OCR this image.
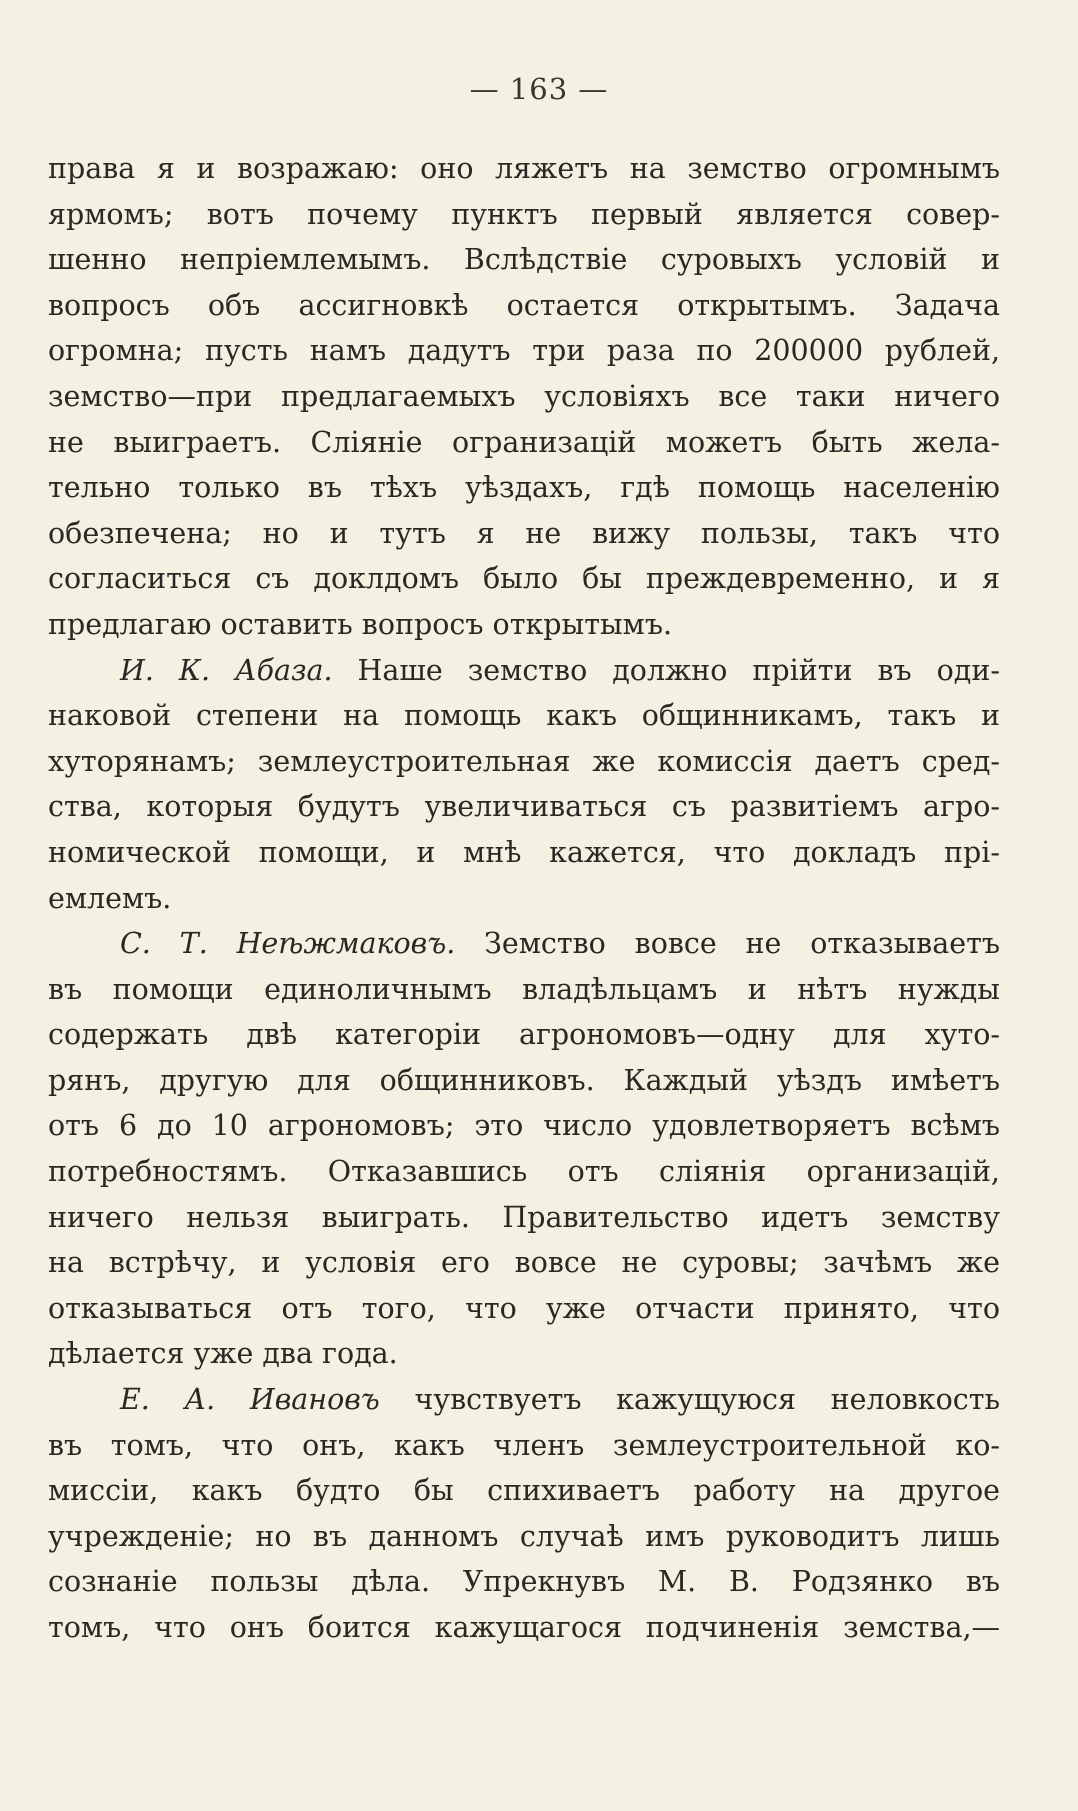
— 163 —
права я и возражаю: оно ляжетъ на земство огромнымъ
ярмомъ; вотъ почему пунктъ первый является совер-
шенно непріемлемымъ. Вслѣдствіе суровыхъ условій и
вопросъ объ ассигновкѣ остается открытымъ. Задача
огромна; пусть намъ дадутъ три раза по 200000 рублей,
земство—при предлагаемыхъ условіяхъ все таки ничего
не выиграетъ. Сліяніе огранизацій можетъ быть жела-
тельно только въ тѣхъ уѣздахъ, гдѣ помощь населенію
обезпечена; но и тутъ я не вижу пользы, такъ что
согласиться съ доклдомъ было бы преждевременно, и я
предлагаю оставить вопросъ открытымъ.
И. К. Абаза. Наше земство должно прійти въ оди-
наковой степени на помощь какъ общинникамъ, такъ и
хуторянамъ; землеустроительная же комиссія даетъ сред-
ства, которыя будутъ увеличиваться съ развитіемъ агро-
номической помощи, и мнѣ кажется, что докладъ прі-
емлемъ.
С. Т. Неѣжмаковъ. Земство вовсе не отказываетъ
въ помощи единоличнымъ владѣльцамъ и нѣтъ нужды
содержать двѣ категоріи агрономовъ—одну для хуто-
рянъ, другую для общинниковъ. Каждый уѣздъ имѣетъ
отъ 6 до 10 агрономовъ; это число удовлетворяетъ всѣмъ
потребностямъ. Отказавшись отъ сліянія организацій,
ничего нельзя выиграть. Правительство идетъ земству
на встрѣчу, и условія его вовсе не суровы; зачѣмъ же
отказываться отъ того, что уже отчасти принято, что
дѣлается уже два года.
Е. А. Ивановъ чувствуетъ кажущуюся неловкость
въ томъ, что онъ, какъ членъ землеустроительной ко-
миссіи, какъ будто бы спихиваетъ работу на другое
учрежденіе; но въ данномъ случаѣ имъ руководитъ лишь
сознаніе пользы дѣла. Упрекнувъ М. В. Родзянко въ
томъ, что онъ боится кажущагося подчиненія земства,—
